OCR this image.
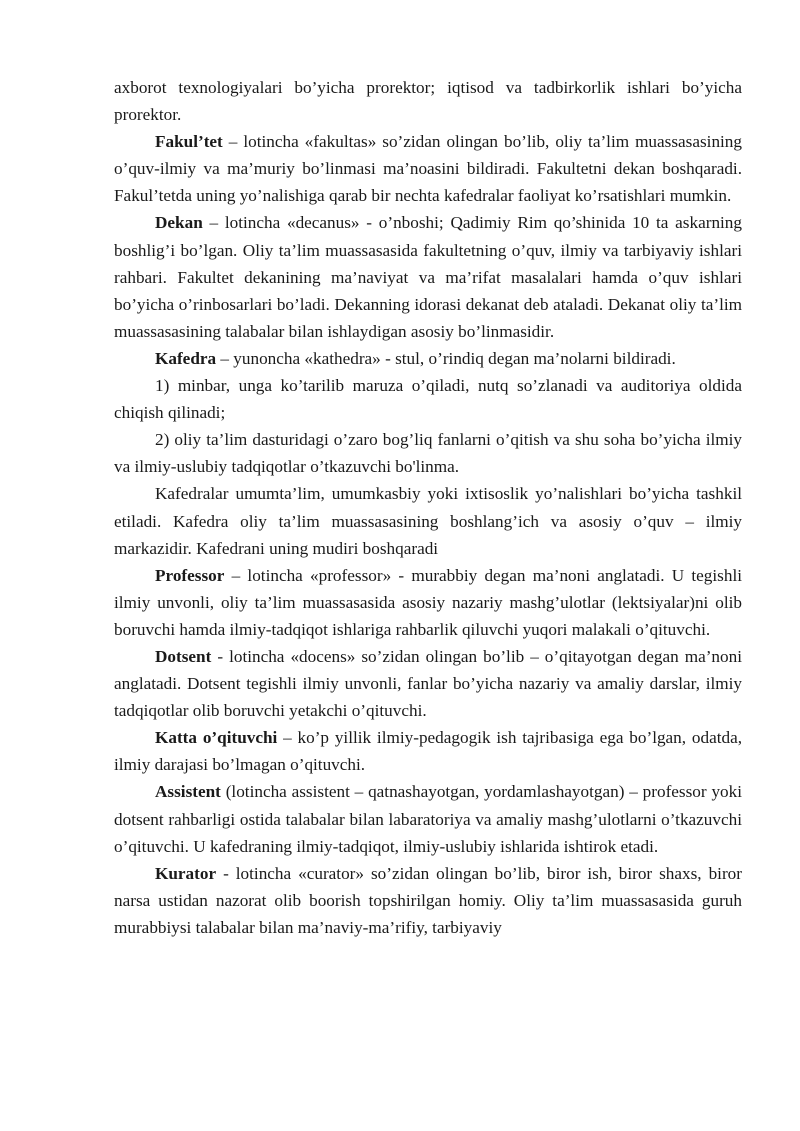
axborot texnologiyalari bo’yicha prorektor; iqtisod va tadbirkorlik ishlari bo’yicha prorektor.

Fakul’tet – lotincha «fakultas» so’zidan olingan bo’lib, oliy ta’lim muassasasining o’quv-ilmiy va ma’muriy bo’linmasi ma’noasini bildiradi. Fakultetni dekan boshqaradi. Fakul’tetda uning yo’nalishiga qarab bir nechta kafedralar faoliyat ko’rsatishlari mumkin.

Dekan – lotincha «decanus» - o’nboshi; Qadimiy Rim qo’shinida 10 ta askarning boshlig’i bo’lgan. Oliy ta’lim muassasasida fakultetning o’quv, ilmiy va tarbiyaviy ishlari rahbari. Fakultet dekanining ma’naviyat va ma’rifat masalalari hamda o’quv ishlari bo’yicha o’rinbosarlari bo’ladi. Dekanning idorasi dekanat deb ataladi. Dekanat oliy ta’lim muassasasining talabalar bilan ishlaydigan asosiy bo’linmasidir.

Kafedra – yunoncha «kathedra» - stul, o’rindiq degan ma’nolarni bildiradi.

1) minbar, unga ko’tarilib maruza o’qiladi, nutq so’zlanadi va auditoriya oldida chiqish qilinadi;

2) oliy ta’lim dasturidagi o’zaro bog’liq fanlarni o’qitish va shu soha bo’yicha ilmiy va ilmiy-uslubiy tadqiqotlar o’tkazuvchi bo'linma.

Kafedralar umumta’lim, umumkasbiy yoki ixtisoslik yo’nalishlari bo’yicha tashkil etiladi. Kafedra oliy ta’lim muassasasining boshlang’ich va asosiy o’quv – ilmiy markazidir. Kafedrani uning mudiri boshqaradi

Professor – lotincha «professor» - murabbiy degan ma’noni anglatadi. U tegishli ilmiy unvonli, oliy ta’lim muassasasida asosiy nazariy mashg’ulotlar (lektsiyalar)ni olib boruvchi hamda ilmiy-tadqiqot ishlariga rahbarlik qiluvchi yuqori malakali o’qituvchi.

Dotsent - lotincha «docens» so’zidan olingan bo’lib – o’qitayotgan degan ma’noni anglatadi. Dotsent tegishli ilmiy unvonli, fanlar bo’yicha nazariy va amaliy darslar, ilmiy tadqiqotlar olib boruvchi yetakchi o’qituvchi.

Katta o’qituvchi – ko’p yillik ilmiy-pedagogik ish tajribasiga ega bo’lgan, odatda, ilmiy darajasi bo’lmagan o’qituvchi.

Assistent (lotincha assistent – qatnashayotgan, yordamlashayotgan) – professor yoki dotsent rahbarligi ostida talabalar bilan labaratoriya va amaliy mashg’ulotlarni o’tkazuvchi o’qituvchi. U kafedraning ilmiy-tadqiqot, ilmiy-uslubiy ishlarida ishtirok etadi.

Kurator - lotincha «curator» so’zidan olingan bo’lib, biror ish, biror shaxs, biror narsa ustidan nazorat olib boorish topshirilgan homiy. Oliy ta’lim muassasasida guruh murabbiysi talabalar bilan ma’naviy-ma’rifiy, tarbiyaviy
